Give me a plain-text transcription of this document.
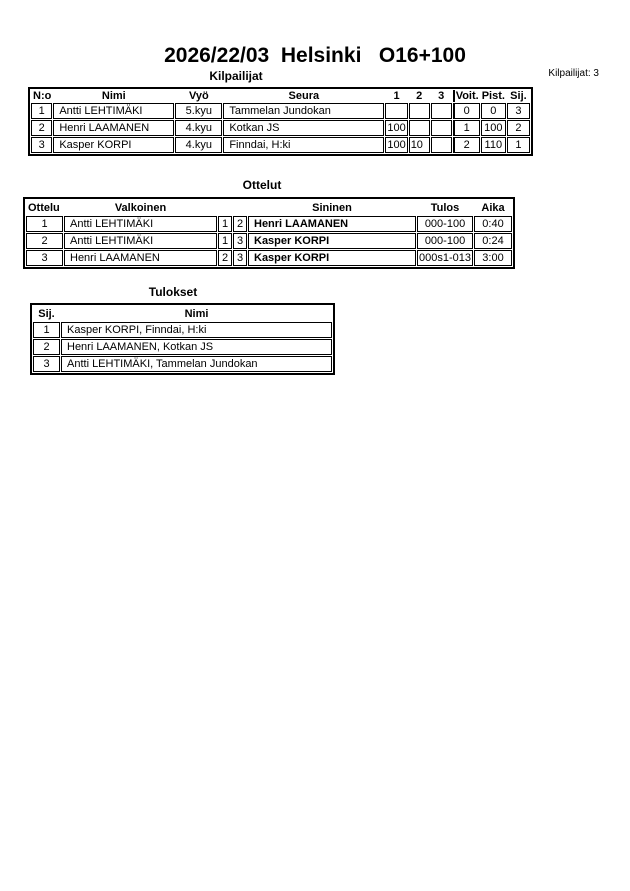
2026/22/03  Helsinki   O16+100
Kilpailijat	Kilpailijat: 3
N:o	Nimi	Vyö	Seura	1	2	3	Voit.	Pist.	Sij.
1	Antti LEHTIMÄKI	5.kyu	Tammelan Jundokan				0	0	3
2	Henri LAAMANEN	4.kyu	Kotkan JS	100			1	100	2
3	Kasper KORPI	4.kyu	Finndai, H:ki	100	10		2	110	1
Ottelut
Ottelu	Valkoinen			Sininen	Tulos	Aika
1	Antti LEHTIMÄKI	1	2	Henri LAAMANEN	000-100	0:40
2	Antti LEHTIMÄKI	1	3	Kasper KORPI	000-100	0:24
3	Henri LAAMANEN	2	3	Kasper KORPI	000s1-013	3:00
Tulokset
Sij.	Nimi
1	Kasper KORPI, Finndai, H:ki
2	Henri LAAMANEN, Kotkan JS
3	Antti LEHTIMÄKI, Tammelan Jundokan
